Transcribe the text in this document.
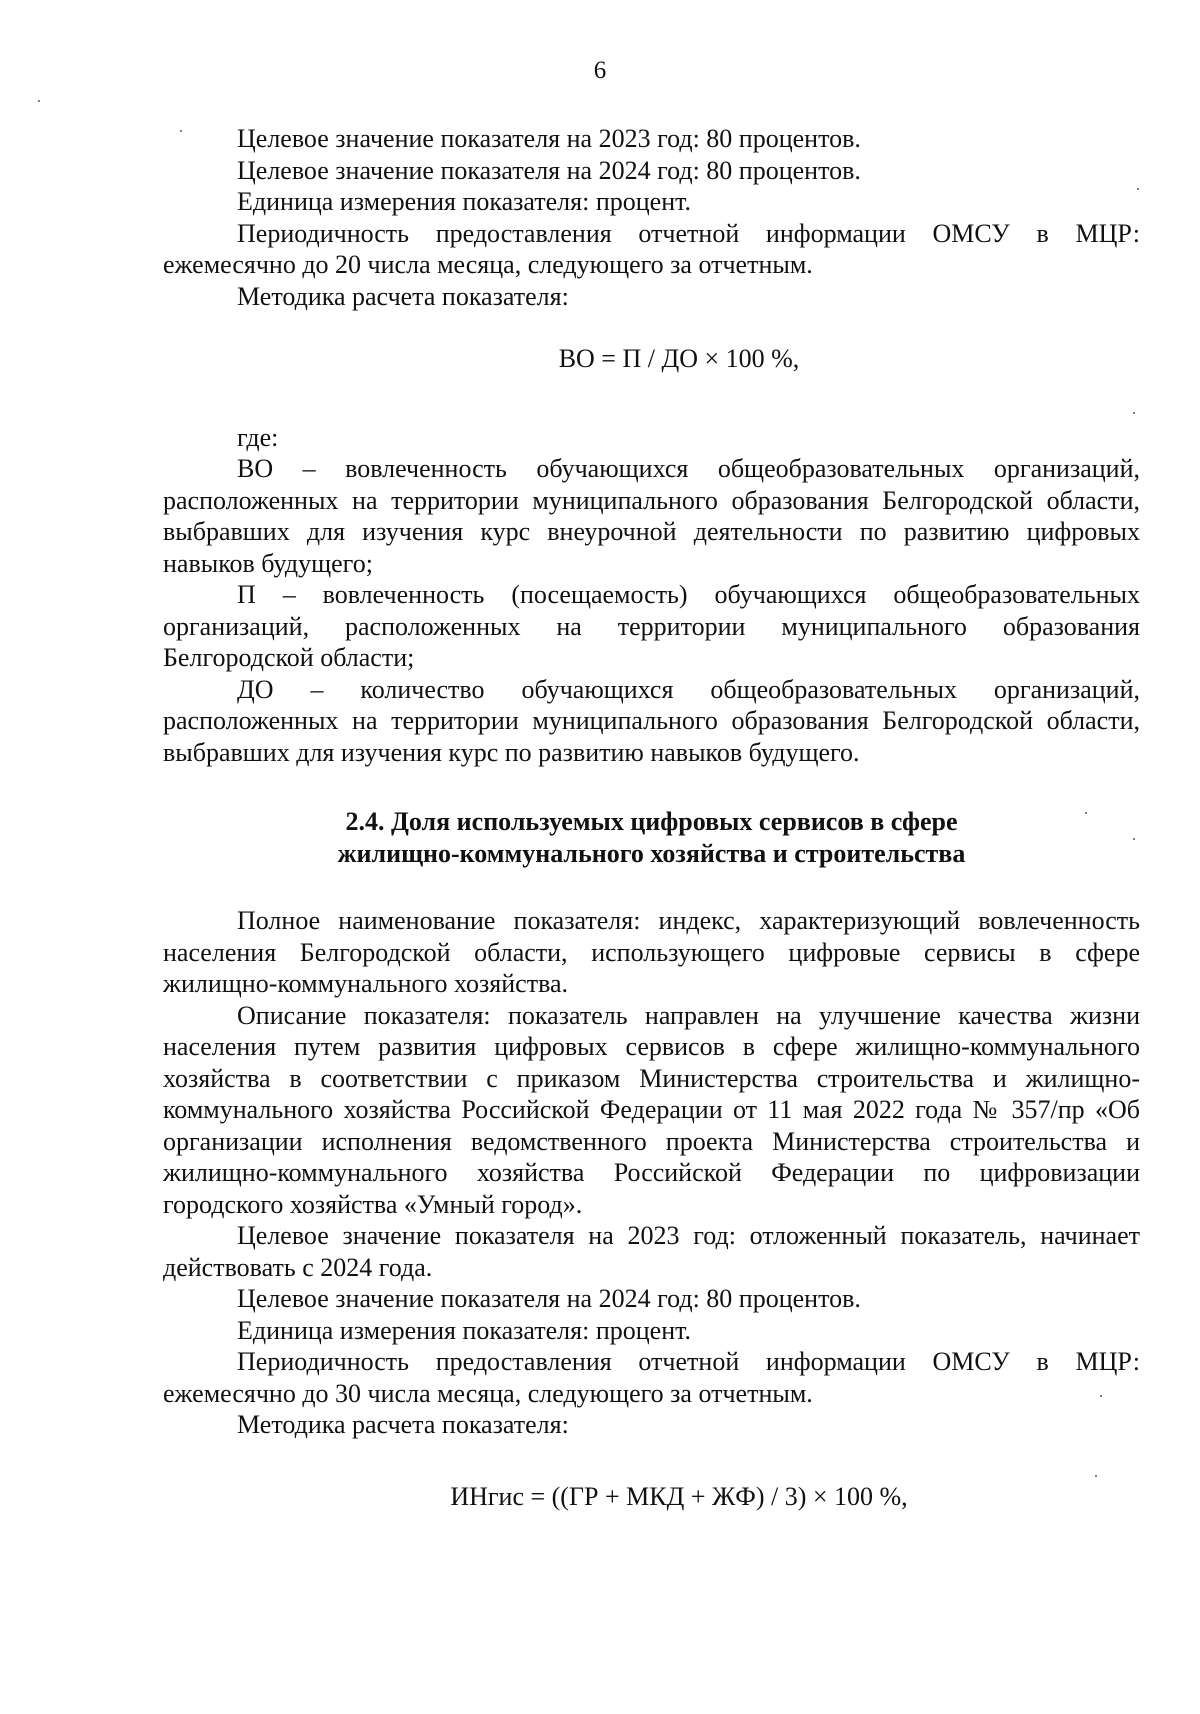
6

Целевое значение показателя на 2023 год: 80 процентов.

Целевое значение показателя на 2024 год: 80 процентов.

Единица измерения показателя: процент.

Периодичность предоставления отчетной информации ОМСУ в МЦР: ежемесячно до 20 числа месяца, следующего за отчетным.

Методика расчета показателя:

ВО = П / ДО × 100 %,

где:

ВО – вовлеченность обучающихся общеобразовательных организаций, расположенных на территории муниципального образования Белгородской области, выбравших для изучения курс внеурочной деятельности по развитию цифровых навыков будущего;

П – вовлеченность (посещаемость) обучающихся общеобразовательных организаций, расположенных на территории муниципального образования Белгородской области;

ДО – количество обучающихся общеобразовательных организаций, расположенных на территории муниципального образования Белгородской области, выбравших для изучения курс по развитию навыков будущего.

2.4. Доля используемых цифровых сервисов в сфере
жилищно-коммунального хозяйства и строительства

Полное наименование показателя: индекс, характеризующий вовлеченность населения Белгородской области, использующего цифровые сервисы в сфере жилищно-коммунального хозяйства.

Описание показателя: показатель направлен на улучшение качества жизни населения путем развития цифровых сервисов в сфере жилищно-коммунального хозяйства в соответствии с приказом Министерства строительства и жилищно-коммунального хозяйства Российской Федерации от 11 мая 2022 года № 357/пр «Об организации исполнения ведомственного проекта Министерства строительства и жилищно-коммунального хозяйства Российской Федерации по цифровизации городского хозяйства «Умный город».

Целевое значение показателя на 2023 год: отложенный показатель, начинает действовать с 2024 года.

Целевое значение показателя на 2024 год: 80 процентов.

Единица измерения показателя: процент.

Периодичность предоставления отчетной информации ОМСУ в МЦР: ежемесячно до 30 числа месяца, следующего за отчетным.

Методика расчета показателя:

ИНгис = ((ГР + МКД + ЖФ) / 3) × 100 %,
